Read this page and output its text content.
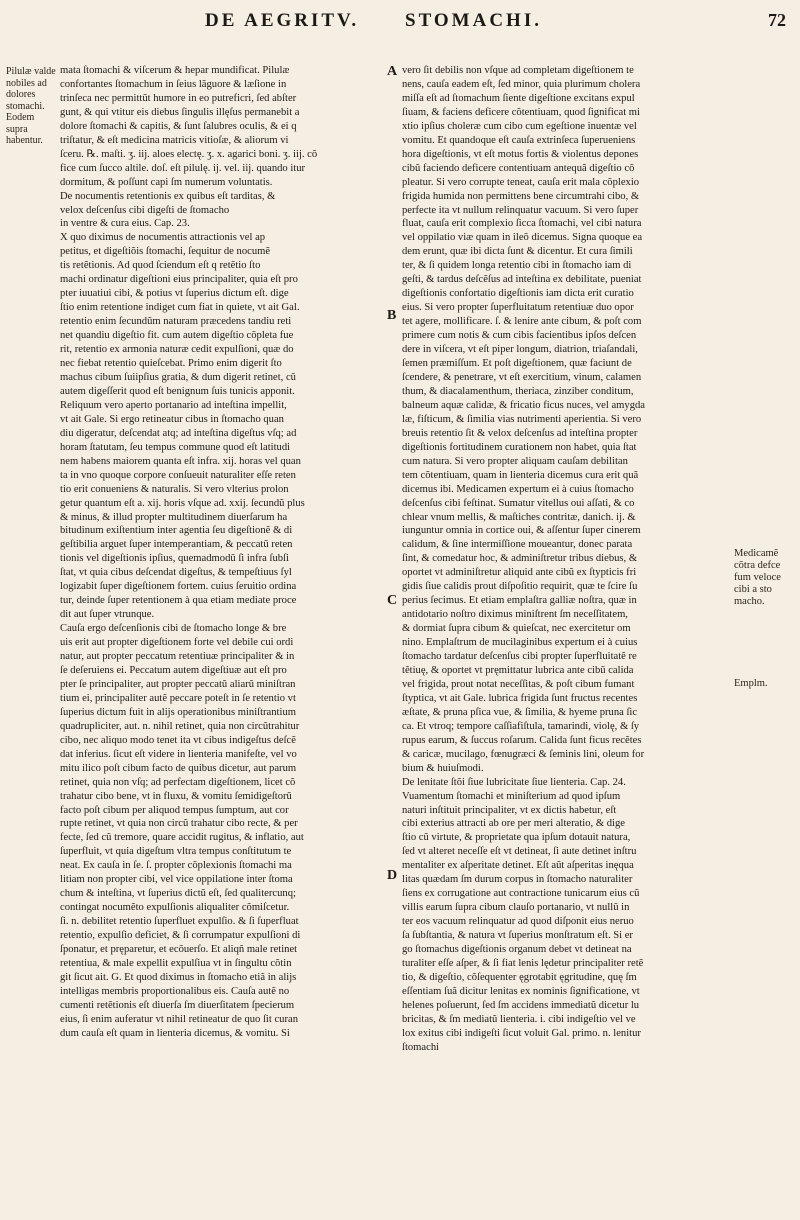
DE AEGRITV. STOMACHI.	72
Pilulæ valde nobiles ad dolores stomachi. Eodem supra habentur.
Medicamẽ cõtra defce fum veloce cibi a sto machο.
Emplm.
A
B
C
D
mata ſtomachi & viſcerum & hepar mundificat. Pilulæ
confortantes ſtomachum in ſeius lãguore & læſione in
trinſeca nec permittũt humore in eo putreficri, ſed abſter
gunt, & qui vtitur eis diebus ſingulis illęſus permanebit a
dolore ſtomachi & capitis, & ſunt ſalubres oculis, & ei q
triſtatur, & eſt medicina matricis vitioſæ, & aliorum vi
ſceru. ℞. maſti. ʒ. iij. aloes electę. ʒ. x. agarici boni. ʒ. iij. cõ
fice cum ſucco altile. doſ. eſt pilulę. ij. vel. iij. quando itur
dormitum, & poſſunt capi ſm numerum voluntatis.
De nocumentis retentionis ex quibus eſt tarditas, &
velox deſcenſus cibi digeſti de ſtomacho
in ventre & cura eius. Cap. 23.
X quo diximus de nocumentis attractionis vel ap
petitus, et digeſtiõis ſtomachi, ſequitur de nocumẽ
tis retẽtionis. Ad quod ſciendum eſt q retẽtio ſto
machi ordinatur digeſtioni eius principaliter, quia eſt pro
pter iuuatiui cibi, & potius vt ſuperius dictum eſt. dige
ſtio enim retentione indiget cum fiat in quiete, vt ait Gal.
retentio enim ſecundũm naturam præcedens tandiu reti
net quandiu digeſtio fit. cum autem digeſtio cõpleta fue
rit, retentio ex armonia naturæ cedit expulſioni, quæ do
nec fiebat retentio quieſcebat. Primo enim digerit ſto
machus cibum ſuiipſius gratia, & dum digerit retinet, cũ
autem digeſſerit quod eſt benignum ſuis tunicis apponit.
Reliquum vero aperto portanario ad inteſtina impellit,
vt ait Gale. Si ergo retineatur cibus in ſtomacho quan
diu digeratur, deſcendat atq; ad inteſtina digeſtus vſq; ad
horam ſtatutam, ſeu tempus commune quod eſt latitudi
nem habens maiorem quanta eſt infra. xij. horas vel quan
ta in vno quoque corpore conſueuit naturaliter eſſe reten
tio erit conueniens & naturalis. Si vero vlterius prolon
getur quantum eſt a. xij. horis vſque ad. xxij. ſecundũ plus
& minus, & illud propter multitudinem diuerſarum ha
bitudinum exiſtentium inter agentia ſeu digeſtionẽ & di
geſtibilia arguet ſuper intemperantiam, & peccatũ reten
tionis vel digeſtionis ipſius, quemadmodũ ſi infra ſubſi
ſtat, vt quia cibus deſcendat digeſtus, & tempeſtiuus ſyl
logizabit ſuper digeſtionem fortem. cuius ſeruitio ordina
tur, deinde ſuper retentionem à qua etiam mediate proce
dit aut ſuper vtrunque.
Cauſa ergo deſcenſionis cibi de ſtomacho longe & bre
uis erit aut propter digeſtionem forte vel debile cui ordi
natur, aut propter peccatum retentiuæ principaliter & in
ſe deſeruiens ei. Peccatum autem digeſtiuæ aut eſt pro
pter ſe principaliter, aut propter peccatũ aliarũ miniſtran
tium ei, principaliter autẽ peccare poteſt in ſe retentio vt
ſuperius dictum fuit in alijs operationibus miniſtrantium
quadrupliciter, aut. n. nihil retinet, quia non circũtrahitur
cibo, nec aliquo modo tenet ita vt cibus indigeſtus deſcẽ
dat inferius. ſicut eſt videre in lienteria manifeſte, vel vo
mitu ilico poſt cibum facto de quibus dicetur, aut parum
retinet, quia non vſq; ad perfectam digeſtionem, licet cõ
trahatur cibo bene, vt in fluxu, & vomitu ſemidigeſtorũ
facto poſt cibum per aliquod tempus ſumptum, aut cor
rupte retinet, vt quia non circũ trahatur cibo recte, & per
fecte, ſed cũ tremore, quare accidit rugitus, & inflatio, aut
ſuperfluit, vt quia digeſtum vltra tempus conſtitutum te
neat. Ex cauſa in ſe. ſ. propter cõplexionis ſtomachi ma
litiam non propter cibi, vel vice oppilatione inter ſtoma
chum & inteſtina, vt ſuperius dictũ eſt, ſed qualitercunq;
contingat nocumẽto expulſionis aliqualiter cõmiſcetur.
ſi. n. debilitet retentio ſuperfluet expulſio. & ſi ſuperfluat
retentio, expulſio deficiet, & ſi corrumpatur expulſioni di
ſponatur, et pręparetur, et ecõuerſo. Et aliqñ male retinet
retentiua, & male expellit expulſiua vt in ſingultu cõtin
git ſicut ait. G. Et quod diximus in ſtomacho etiã in alijs
intelligas membris proportionalibus eis. Cauſa autẽ no
cumenti retẽtionis eſt diuerſa ſm diuerſitatem ſpecierum
eius, ſi enim auferatur vt nihil retineatur de quo ſit curan
dum cauſa eſt quam in lienteria dicemus, & vomitu. Si
vero ſit debilis non vſque ad completam digeſtionem te
nens, cauſa eadem eſt, ſed minor, quia plurimum cholera
miſſa eſt ad ſtomachum ſiente digeſtione excitans expul
ſiuam, & faciens deficere cõtentiuam, quod ſignificat mi
xtio ipſius choleræ cum cibo cum egeſtione inuentæ vel
vomitu. Et quandoque eſt cauſa extrinſeca ſuperueniens
hora digeſtionis, vt eſt motus fortis & violentus depones
cibũ faciendo deficere contentiuam antequã digeſtio cõ
pleatur. Si vero corrupte teneat, cauſa erit mala cõplexio
frigida humida non permittens bene circumtrahi cibo, &
perfecte ita vt nullum relinquatur vacuum. Si vero ſuper
fluat, cauſa erit complexio ſicca ſtomachi, vel cibi natura
vel oppilatio viæ quam in ileõ dicemus. Signa quoque ea
dem erunt, quæ ibi dicta ſunt & dicentur. Et cura ſimili
ter, & ſi quidem longa retentio cibi in ſtomacho iam di
geſti, & tardus deſcẽſus ad inteſtina ex debilitate, pueniat
digeſtionis confortatio digeſtionis iam dicta erit curatio
eius. Si vero propter ſuperfluitatum retentiuæ duo opor
tet agere, mollificare. ſ. & lenire ante cibum, & poſt com
primere cum notis & cum cibis facientibus ipſos deſcen
dere in viſcera, vt eſt piper longum, diatrion, triaſandali,
ſemen præmiſſum. Et poſt digeſtionem, quæ faciunt de
ſcendere, & penetrare, vt eſt exercitium, vinum, calamen
thum, & diacalamenthum, theriaca, zinziber conditum,
balneum aquæ calidæ, & fricatio ficus nuces, vel amygda
læ, fiſticum, & ſimilia vias nutrimenti aperientia. Si vero
breuis retentio ſit & velox deſcenſus ad inteſtina propter
digeſtionis fortitudinem curationem non habet, quia ſtat
cum natura. Si vero propter aliquam cauſam debilitan
tem cõtentiuam, quam in lienteria dicemus cura erit quã
dicemus ibi. Medicamen expertum ei à cuius ſtomacho
deſcenſus cibi feſtinat. Sumatur vitellus oui aſſati, & co
chlear vnum mellis, & maſtiches contritæ, danich. ij. &
iunguntur omnia in cortice oui, & aſſentur ſuper cinerem
calidum, & ſine intermiſſione moueantur, donec parata
ſint, & comedatur hoc, & adminiſtretur tribus diebus, &
oportet vt adminiſtretur aliquid ante cibũ ex ſtypticis fri
gidis ſiue calidis prout diſpoſitio requirit, quæ te ſcire ſu
perius ſecimus. Et etiam emplaſtra galliæ noſtra, quæ in
antidotario noſtro diximus miniſtrent ſm neceſſitatem,
& dormiat ſupra cibum & quieſcat, nec exercitetur om
nino. Emplaſtrum de mucilaginibus expertum ei à cuius
ſtomacho tardatur deſcenſus cibi propter ſuperfluitatẽ re
tẽtiuę, & oportet vt pręmittatur lubrica ante cibũ calida
vel frigida, prout notat neceſſitas, & poſt cibum fumant
ſtyptica, vt ait Gale. lubrica frigida ſunt fructus recentes
æſtate, & pruna pſica vue, & ſimilia, & hyeme pruna ſic
ca. Et vtroq; tempore caſſiafiſtula, tamarindi, violę, & ſy
rupus earum, & ſuccus roſarum. Calida ſunt ficus recẽtes
& caricæ, mucilago, fœnugræci & ſeminis lini, oleum for
bium & huiuſmodi.
De lenitate ſtõi ſiue lubricitate ſiue lienteria. Cap. 24.
Vuamentum ſtomachi et miniſterium ad quod ipſum
naturi inſtituit principaliter, vt ex dictis habetur, eſt
cibi exterius attracti ab ore per meri alteratio, & dige
ſtio cũ virtute, & proprietate qua ipſum dotauit natura,
ſed vt alteret neceſſe eſt vt detineat, ſi aute detinet inſtru
mentaliter ex aſperitate detinet. Eſt aũt aſperitas inęqua
litas quædam ſm durum corpus in ſtomacho naturaliter
ſiens ex corrugatione aut contractione tunicarum eius cũ
villis earum ſupra cibum clauſo portanario, vt nullũ in
ter eos vacuum relinquatur ad quod diſponit eius neruo
ſa ſubſtantia, & natura vt ſuperius monſtratum eſt. Si er
go ſtomachus digeſtionis organum debet vt detineat na
turaliter eſſe aſper, & ſi fiat lenis lędetur principaliter retẽ
tio, & digeſtio, cõſequenter ęgrotabit ęgritudine, quę ſm
eſſentiam ſuã dicitur lenitas ex nominis ſignificatione, vt
helenes poſuerunt, ſed ſm accidens immediatũ dicetur lu
bricitas, & ſm mediatũ lienteria. i. cibi indigeſtio vel ve
lox exitus cibi indigeſti ſicut voluit Gal. primo. n. lenitur
ſtomachi
